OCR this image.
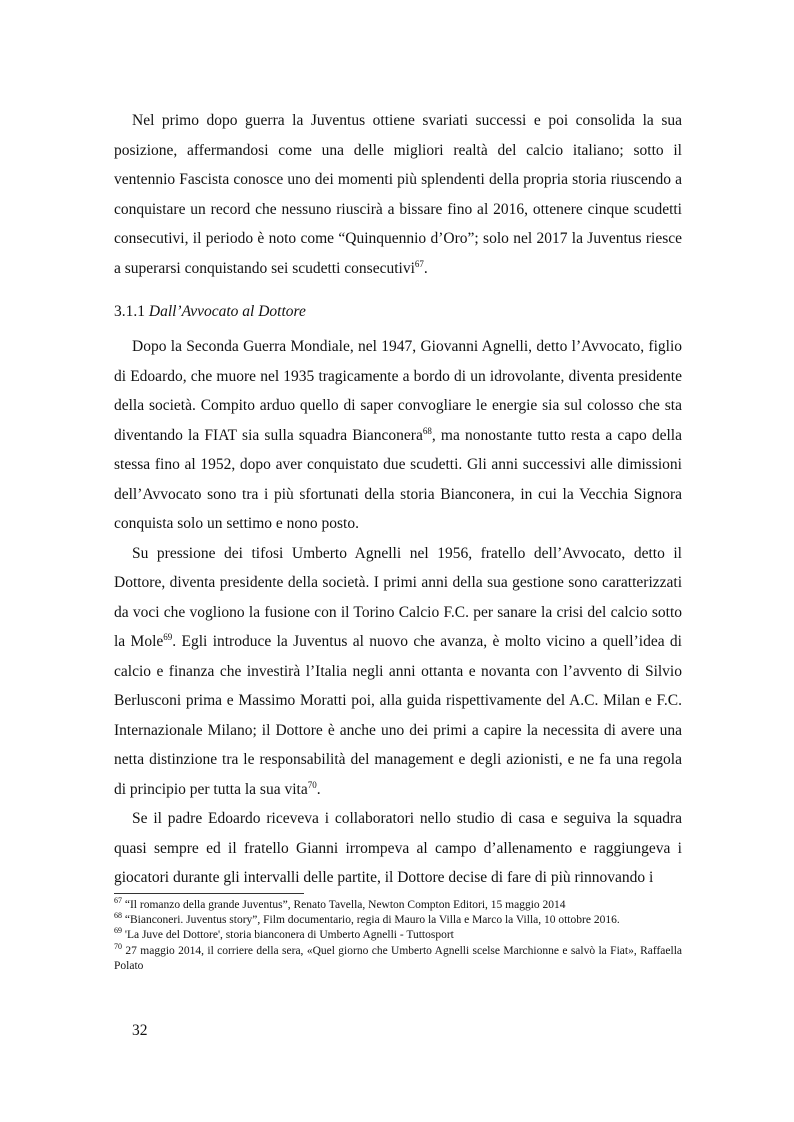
Nel primo dopo guerra la Juventus ottiene svariati successi e poi consolida la sua posizione, affermandosi come una delle migliori realtà del calcio italiano; sotto il ventennio Fascista conosce uno dei momenti più splendenti della propria storia riuscendo a conquistare un record che nessuno riuscirà a bissare fino al 2016, ottenere cinque scudetti consecutivi, il periodo è noto come “Quinquennio d’Oro”; solo nel 2017 la Juventus riesce a superarsi conquistando sei scudetti consecutivi$^{67}$.

3.1.1 Dall’Avvocato al Dottore

Dopo la Seconda Guerra Mondiale, nel 1947, Giovanni Agnelli, detto l’Avvocato, figlio di Edoardo, che muore nel 1935 tragicamente a bordo di un idrovolante, diventa presidente della società. Compito arduo quello di saper convogliare le energie sia sul colosso che sta diventando la FIAT sia sulla squadra Bianconera$^{68}$, ma nonostante tutto resta a capo della stessa fino al 1952, dopo aver conquistato due scudetti. Gli anni successivi alle dimissioni dell’Avvocato sono tra i più sfortunati della storia Bianconera, in cui la Vecchia Signora conquista solo un settimo e nono posto.

Su pressione dei tifosi Umberto Agnelli nel 1956, fratello dell’Avvocato, detto il Dottore, diventa presidente della società. I primi anni della sua gestione sono caratterizzati da voci che vogliono la fusione con il Torino Calcio F.C. per sanare la crisi del calcio sotto la Mole$^{69}$. Egli introduce la Juventus al nuovo che avanza, è molto vicino a quell’idea di calcio e finanza che investirà l’Italia negli anni ottanta e novanta con l’avvento di Silvio Berlusconi prima e Massimo Moratti poi, alla guida rispettivamente del A.C. Milan e F.C. Internazionale Milano; il Dottore è anche uno dei primi a capire la necessita di avere una netta distinzione tra le responsabilità del management e degli azionisti, e ne fa una regola di principio per tutta la sua vita$^{70}$.

Se il padre Edoardo riceveva i collaboratori nello studio di casa e seguiva la squadra quasi sempre ed il fratello Gianni irrompeva al campo d’allenamento e raggiungeva i giocatori durante gli intervalli delle partite, il Dottore decise di fare di più rinnovando i

$^{67}$ “Il romanzo della grande Juventus”, Renato Tavella, Newton Compton Editori, 15 maggio 2014

$^{68}$ “Bianconeri. Juventus story”, Film documentario, regia di Mauro la Villa e Marco la Villa, 10 ottobre 2016.

$^{69}$ 'La Juve del Dottore', storia bianconera di Umberto Agnelli - Tuttosport

$^{70}$ 27 maggio 2014, il corriere della sera, «Quel giorno che Umberto Agnelli scelse Marchionne e salvò la Fiat», Raffaella Polato

32
